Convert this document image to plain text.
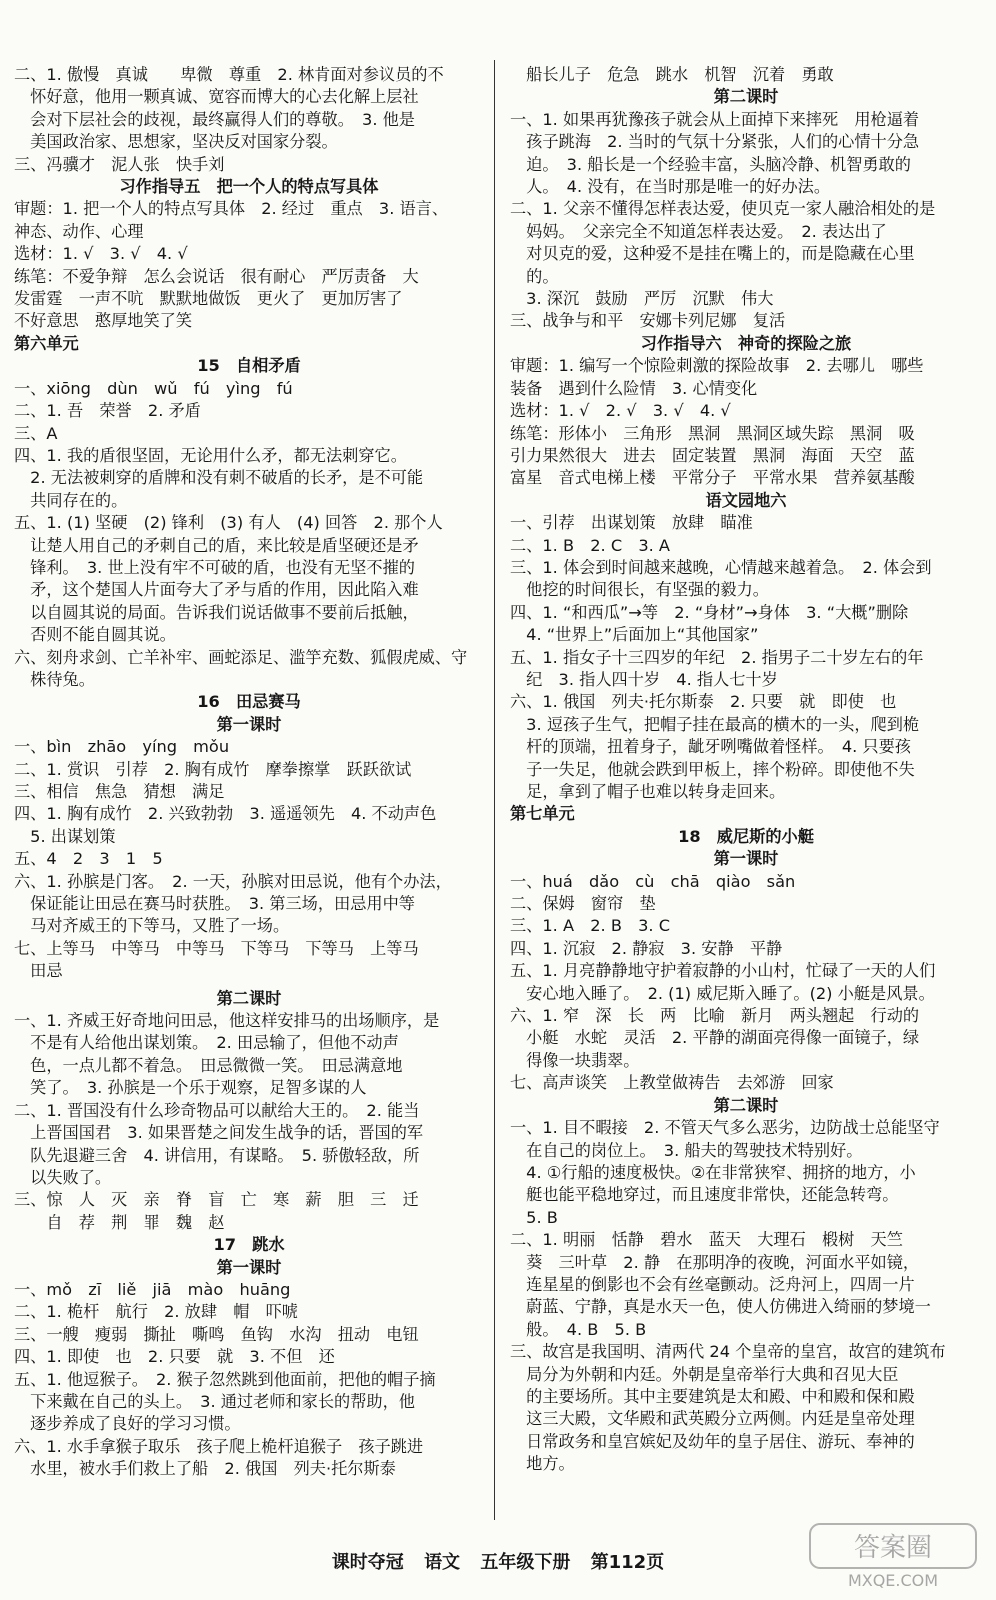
二、1. 傲慢　真诚　　卑微　尊重　2. 林肯面对参议员的不

　怀好意，他用一颗真诚、宽容而博大的心去化解上层社

　会对下层社会的歧视，最终赢得人们的尊敬。　3. 他是

　美国政治家、思想家，坚决反对国家分裂。

三、冯骥才　泥人张　快手刘

习作指导五　把一个人的特点写具体

审题：1. 把一个人的特点写具体　2. 经过　重点　3. 语言、

神态、动作、心理

选材：1. √　3. √　4. √

练笔：不爱争辩　怎么会说话　很有耐心　严厉责备　大

发雷霆　一声不吭　默默地做饭　更火了　更加厉害了

不好意思　憨厚地笑了笑

第六单元

15　自相矛盾

一、xiōng　dùn　wǔ　fú　yìng　fú

二、1. 吾　荣誉　2. 矛盾

三、A

四、1. 我的盾很坚固，无论用什么矛，都无法刺穿它。

　2. 无法被刺穿的盾牌和没有刺不破盾的长矛，是不可能

　共同存在的。

五、1. (1) 坚硬　(2) 锋利　(3) 有人　(4) 回答　2. 那个人

　让楚人用自己的矛刺自己的盾，来比较是盾坚硬还是矛

　锋利。　3. 世上没有牢不可破的盾，也没有无坚不摧的

　矛，这个楚国人片面夸大了矛与盾的作用，因此陷入难

　以自圆其说的局面。告诉我们说话做事不要前后抵触，

　否则不能自圆其说。

六、刻舟求剑、亡羊补牢、画蛇添足、滥竽充数、狐假虎威、守

　株待兔。

16　田忌赛马

第一课时

一、bìn　zhāo　yíng　mǒu

二、1. 赏识　引荐　2. 胸有成竹　摩拳擦掌　跃跃欲试

三、相信　焦急　猜想　满足

四、1. 胸有成竹　2. 兴致勃勃　3. 遥遥领先　4. 不动声色

　5. 出谋划策

五、4　2　3　1　5

六、1. 孙膑是门客。　2. 一天，孙膑对田忌说，他有个办法，

　保证能让田忌在赛马时获胜。　3. 第三场，田忌用中等

　马对齐威王的下等马，又胜了一场。

七、上等马　中等马　中等马　下等马　下等马　上等马

　田忌

第二课时

一、1. 齐威王好奇地问田忌，他这样安排马的出场顺序，是

　不是有人给他出谋划策。　2. 田忌输了，但他不动声

　色，一点儿都不着急。　田忌微微一笑。　田忌满意地

　笑了。　3. 孙膑是一个乐于观察，足智多谋的人

二、1. 晋国没有什么珍奇物品可以献给大王的。　2. 能当

　上晋国国君　3. 如果晋楚之间发生战争的话，晋国的军

　队先退避三舍　4. 讲信用，有谋略。　5. 骄傲轻敌，所

　以失败了。

三、惊　人　灭　亲　脊　盲　亡　寒　薪　胆　三　迁

　　自　荐　荆　罪　魏　赵

17　跳水

第一课时

一、mǒ　zī　liě　jiā　mào　huāng

二、1. 桅杆　航行　2. 放肆　帽　吓唬

三、一艘　瘦弱　撕扯　嘶鸣　鱼钩　水沟　扭动　电钮

四、1. 即使　也　2. 只要　就　3. 不但　还

五、1. 他逗猴子。　2. 猴子忽然跳到他面前，把他的帽子摘

　下来戴在自己的头上。　3. 通过老师和家长的帮助，他

　逐步养成了良好的学习习惯。

六、1. 水手拿猴子取乐　孩子爬上桅杆追猴子　孩子跳进

　水里，被水手们救上了船　2. 俄国　列夫·托尔斯泰

　船长儿子　危急　跳水　机智　沉着　勇敢

第二课时

一、1. 如果再犹豫孩子就会从上面掉下来摔死　用枪逼着

　孩子跳海　2. 当时的气氛十分紧张，人们的心情十分急

　迫。　3. 船长是一个经验丰富，头脑冷静、机智勇敢的

　人。　4. 没有，在当时那是唯一的好办法。

二、1. 父亲不懂得怎样表达爱，使贝克一家人融洽相处的是

　妈妈。　父亲完全不知道怎样表达爱。　2. 表达出了

　对贝克的爱，这种爱不是挂在嘴上的，而是隐藏在心里

　的。

　3. 深沉　鼓励　严厉　沉默　伟大

三、战争与和平　安娜卡列尼娜　复活

习作指导六　神奇的探险之旅

审题：1. 编写一个惊险刺激的探险故事　2. 去哪儿　哪些

装备　遇到什么险情　3. 心情变化

选材：1. √　2. √　3. √　4. √

练笔：形体小　三角形　黑洞　黑洞区域失踪　黑洞　吸

引力果然很大　进去　固定装置　黑洞　海面　天空　蓝

富星　音式电梯上楼　平常分子　平常水果　营养氨基酸

语文园地六

一、引荐　出谋划策　放肆　瞄准

二、1. B　2. C　3. A

三、1. 体会到时间越来越晚，心情越来越着急。　2. 体会到

　他挖的时间很长，有坚强的毅力。

四、1. “和西瓜”→等　2. “身材”→身体　3. “大概”删除

　4. “世界上”后面加上“其他国家”

五、1. 指女子十三四岁的年纪　2. 指男子二十岁左右的年

　纪　3. 指人四十岁　4. 指人七十岁

六、1. 俄国　列夫·托尔斯泰　2. 只要　就　即使　也

　3. 逗孩子生气，把帽子挂在最高的横木的一头，爬到桅

　杆的顶端，扭着身子，龇牙咧嘴做着怪样。　4. 只要孩

　子一失足，他就会跌到甲板上，摔个粉碎。即使他不失

　足，拿到了帽子也难以转身走回来。

第七单元

18　威尼斯的小艇

第一课时

一、huá　dǎo　cù　chā　qiào　sǎn

二、保姆　窗帘　垫

三、1. A　2. B　3. C

四、1. 沉寂　2. 静寂　3. 安静　平静

五、1. 月亮静静地守护着寂静的小山村，忙碌了一天的人们

　安心地入睡了。　2. (1) 威尼斯入睡了。(2) 小艇是风景。

六、1. 窄　深　长　两　比喻　新月　两头翘起　行动的

　小艇　水蛇　灵活　2. 平静的湖面亮得像一面镜子，绿

　得像一块翡翠。

七、高声谈笑　上教堂做祷告　去郊游　回家

第二课时

一、1. 目不暇接　2. 不管天气多么恶劣，边防战士总能坚守

　在自己的岗位上。　3. 船夫的驾驶技术特别好。

　4. ①行船的速度极快。②在非常狭窄、拥挤的地方，小

　艇也能平稳地穿过，而且速度非常快，还能急转弯。

　5. B

二、1. 明丽　恬静　碧水　蓝天　大理石　椴树　天竺

　葵　三叶草　2. 静　在那明净的夜晚，河面水平如镜，

　连星星的倒影也不会有丝毫颤动。泛舟河上，四周一片

　蔚蓝、宁静，真是水天一色，使人仿佛进入绮丽的梦境一

　般。　4. B　5. B

三、故宫是我国明、清两代 24 个皇帝的皇宫，故宫的建筑布

　局分为外朝和内廷。外朝是皇帝举行大典和召见大臣

　的主要场所。其中主要建筑是太和殿、中和殿和保和殿

　这三大殿，文华殿和武英殿分立两侧。内廷是皇帝处理

　日常政务和皇宫嫔妃及幼年的皇子居住、游玩、奉神的

　地方。

课时夺冠 语文 五年级下册 第112页	答案圈
MXQE.COM
